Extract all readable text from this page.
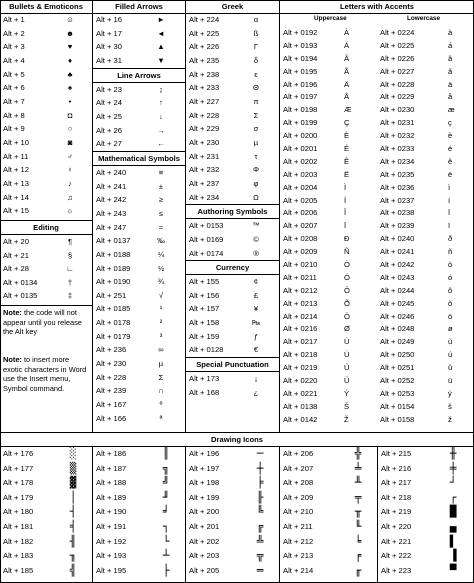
Bullets & Emoticons
Alt + 1	☺
Alt + 2	☻
Alt + 3	♥
Alt + 4	♦
Alt + 5	♣
Alt + 6	♠
Alt + 7	•
Alt + 8	◘
Alt + 9	○
Alt + 10	◙
Alt + 11	♂
Alt + 12	♀
Alt + 13	♪
Alt + 14	♫
Alt + 15	☼
Editing
Alt + 20	¶
Alt + 21	§
Alt + 28	∟
Alt + 0134	†
Alt + 0135	‡
Note: the code will not appear until you release the Alt key
Note: to insert more exotic characters in Word use the Insert menu, Symbol command.
Filled Arrows
Alt + 16	►
Alt + 17	◄
Alt + 30	▲
Alt + 31	▼
Line Arrows
Alt + 23	↨
Alt + 24	↑
Alt + 25	↓
Alt + 26	→
Alt + 27	←
Mathematical Symbols
Alt + 240	≡
Alt + 241	±
Alt + 242	≥
Alt + 243	≤
Alt + 247	≈
Alt + 0137	‰
Alt + 0188	¼
Alt + 0189	½
Alt + 0190	¾
Alt + 251	√
Alt + 0185	¹
Alt + 0178	²
Alt + 0179	³
Alt + 236	∞
Alt + 230	µ
Alt + 228	Σ
Alt + 239	∩
Alt + 167	º
Alt + 166	ª
Greek
Alt + 224	α
Alt + 225	ß
Alt + 226	Γ
Alt + 235	δ
Alt + 238	ε
Alt + 233	Θ
Alt + 227	π
Alt + 228	Σ
Alt + 229	σ
Alt + 230	µ
Alt + 231	τ
Alt + 232	Φ
Alt + 237	φ
Alt + 234	Ω
Authoring Symbols
Alt + 0153	™
Alt + 0169	©
Alt + 0174	®
Currency
Alt + 155	¢
Alt + 156	£
Alt + 157	¥
Alt + 158	₧
Alt + 159	ƒ
Alt + 0128	€
Special Punctuation
Alt + 173	¡
Alt + 168	¿
Letters with Accents
Uppercase	Lowercase
Alt + 0192	À	Alt + 0224	à
Alt + 0193	Á	Alt + 0225	á
Alt + 0194	Â	Alt + 0226	â
Alt + 0195	Ã	Alt + 0227	ã
Alt + 0196	Ä	Alt + 0228	ä
Alt + 0197	Å	Alt + 0229	å
Alt + 0198	Æ	Alt + 0230	æ
Alt + 0199	Ç	Alt + 0231	ç
Alt + 0200	È	Alt + 0232	è
Alt + 0201	É	Alt + 0233	é
Alt + 0202	Ê	Alt + 0234	ê
Alt + 0203	Ë	Alt + 0235	ë
Alt + 0204	Ì	Alt + 0236	ì
Alt + 0205	Í	Alt + 0237	í
Alt + 0206	Î	Alt + 0238	î
Alt + 0207	Ï	Alt + 0239	ï
Alt + 0208	Ð	Alt + 0240	ð
Alt + 0209	Ñ	Alt + 0241	ñ
Alt + 0210	Ò	Alt + 0242	ò
Alt + 0211	Ó	Alt + 0243	ó
Alt + 0212	Ô	Alt + 0244	ô
Alt + 0213	Õ	Alt + 0245	õ
Alt + 0214	Ö	Alt + 0246	ö
Alt + 0216	Ø	Alt + 0248	ø
Alt + 0217	Ù	Alt + 0249	ù
Alt + 0218	Ú	Alt + 0250	ú
Alt + 0219	Û	Alt + 0251	û
Alt + 0220	Ü	Alt + 0252	ü
Alt + 0221	Ý	Alt + 0253	ý
Alt + 0138	Š	Alt + 0154	š
Alt + 0142	Ž	Alt + 0158	ž
Drawing Icons
Alt + 176	░
Alt + 177	▒
Alt + 178	▓
Alt + 179	│
Alt + 180	┤
Alt + 181	╡
Alt + 182	╢
Alt + 183	╖
Alt + 185	╣
Alt + 186	║
Alt + 187	╗
Alt + 188	╝
Alt + 189	╜
Alt + 190	╛
Alt + 191	┐
Alt + 192	└
Alt + 193	┴
Alt + 195	├
Alt + 196	─
Alt + 197	┼
Alt + 198	╞
Alt + 199	╟
Alt + 200	╚
Alt + 201	╔
Alt + 202	╩
Alt + 203	╦
Alt + 205	═
Alt + 206	╬
Alt + 207	╧
Alt + 208	╨
Alt + 209	╤
Alt + 210	╥
Alt + 211	╙
Alt + 212	╘
Alt + 213	╒
Alt + 214	╓
Alt + 215	╫
Alt + 216	╪
Alt + 217	┘
Alt + 218	┌
Alt + 219	█
Alt + 220	▄
Alt + 221	▌
Alt + 222	▐
Alt + 223	▀
